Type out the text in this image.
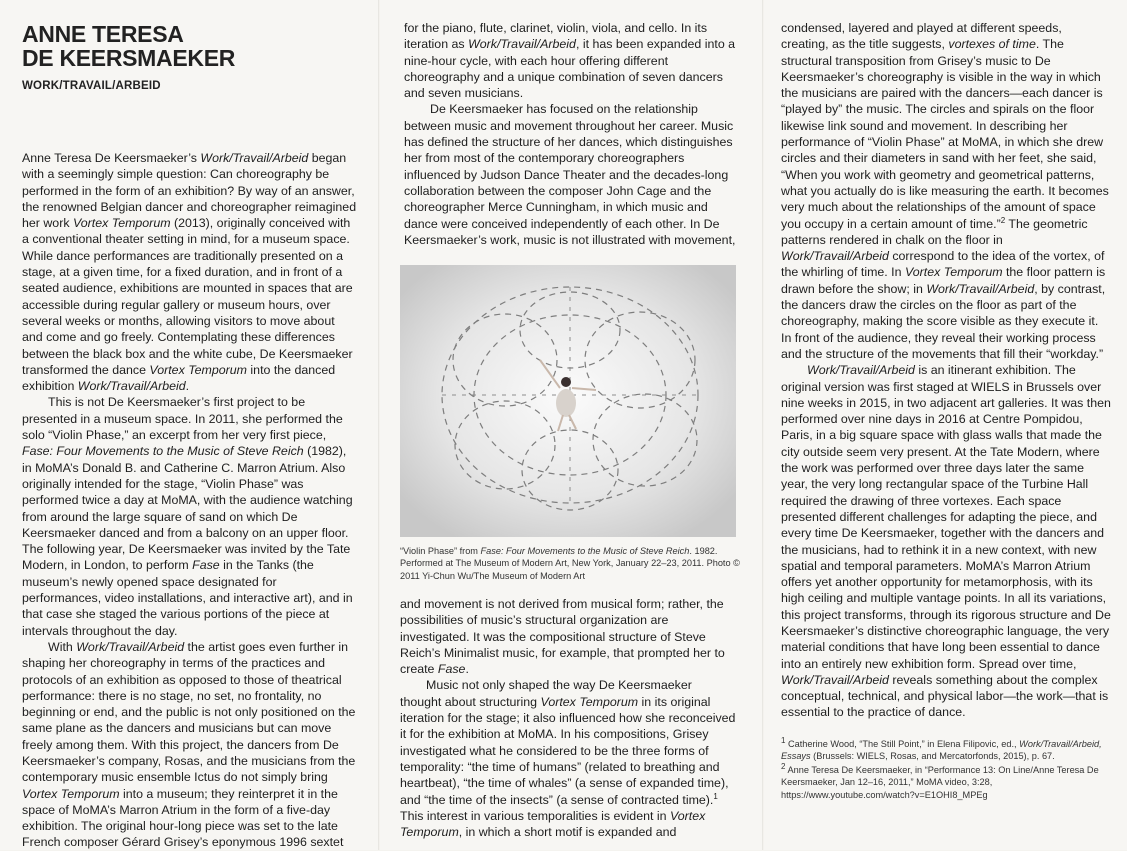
ANNE TERESA
DE KEERSMAEKER
WORK/TRAVAIL/ARBEID

Anne Teresa De Keersmaeker’s Work/Travail/Arbeid began with a seemingly simple question: Can choreography be performed in the form of an exhibition? By way of an answer, the renowned Belgian dancer and choreographer reimagined her work Vortex Temporum (2013), originally conceived with a conventional theater setting in mind, for a museum space. While dance performances are traditionally presented on a stage, at a given time, for a fixed duration, and in front of a seated audience, exhibitions are mounted in spaces that are accessible during regular gallery or museum hours, over several weeks or months, allowing visitors to move about and come and go freely. Contemplating these differences between the black box and the white cube, De Keersmaeker transformed the dance Vortex Temporum into the danced exhibition Work/Travail/Arbeid.

This is not De Keersmaeker’s first project to be presented in a museum space. In 2011, she performed the solo “Violin Phase,” an excerpt from her very first piece, Fase: Four Movements to the Music of Steve Reich (1982), in MoMA’s Donald B. and Catherine C. Marron Atrium. Also originally intended for the stage, “Violin Phase” was performed twice a day at MoMA, with the audience watching from around the large square of sand on which De Keersmaeker danced and from a balcony on an upper floor. The following year, De Keersmaeker was invited by the Tate Modern, in London, to perform Fase in the Tanks (the museum’s newly opened space designated for performances, video installations, and interactive art), and in that case she staged the various portions of the piece at intervals throughout the day.

With Work/Travail/Arbeid the artist goes even further in shaping her choreography in terms of the practices and protocols of an exhibition as opposed to those of theatrical performance: there is no stage, no set, no frontality, no beginning or end, and the public is not only positioned on the same plane as the dancers and musicians but can move freely among them. With this project, the dancers from De Keersmaeker’s company, Rosas, and the musicians from the contemporary music ensemble Ictus do not simply bring Vortex Temporum into a museum; they reinterpret it in the space of MoMA’s Marron Atrium in the form of a five-day exhibition. The original hour-long piece was set to the late French composer Gérard Grisey’s eponymous 1996 sextet

for the piano, flute, clarinet, violin, viola, and cello. In its iteration as Work/Travail/Arbeid, it has been expanded into a nine-hour cycle, with each hour offering different choreography and a unique combination of seven dancers and seven musicians.

De Keersmaeker has focused on the relationship between music and movement throughout her career. Music has defined the structure of her dances, which distinguishes her from most of the contemporary choreographers influenced by Judson Dance Theater and the decades-long collaboration between the composer John Cage and the choreographer Merce Cunningham, in which music and dance were conceived independently of each other. In De Keersmaeker’s work, music is not illustrated with movement,

“Violin Phase” from Fase: Four Movements to the Music of Steve Reich. 1982. Performed at The Museum of Modern Art, New York, January 22–23, 2011. Photo © 2011 Yi-Chun Wu/The Museum of Modern Art

and movement is not derived from musical form; rather, the possibilities of music’s structural organization are investigated. It was the compositional structure of Steve Reich’s Minimalist music, for example, that prompted her to create Fase.

Music not only shaped the way De Keersmaeker thought about structuring Vortex Temporum in its original iteration for the stage; it also influenced how she reconceived it for the exhibition at MoMA. In his compositions, Grisey investigated what he considered to be the three forms of temporality: “the time of humans” (related to breathing and heartbeat), “the time of whales” (a sense of expanded time), and “the time of the insects” (a sense of contracted time).$^1$ This interest in various temporalities is evident in Vortex Temporum, in which a short motif is expanded and

condensed, layered and played at different speeds, creating, as the title suggests, vortexes of time. The structural transposition from Grisey’s music to De Keersmaeker’s choreography is visible in the way in which the musicians are paired with the dancers—each dancer is “played by” the music. The circles and spirals on the floor likewise link sound and movement. In describing her performance of “Violin Phase” at MoMA, in which she drew circles and their diameters in sand with her feet, she said, “When you work with geometry and geometrical patterns, what you actually do is like measuring the earth. It becomes very much about the relationships of the amount of space you occupy in a certain amount of time.”$^2$ The geometric patterns rendered in chalk on the floor in Work/Travail/Arbeid correspond to the idea of the vortex, of the whirling of time. In Vortex Temporum the floor pattern is drawn before the show; in Work/Travail/Arbeid, by contrast, the dancers draw the circles on the floor as part of the choreography, making the score visible as they execute it. In front of the audience, they reveal their working process and the structure of the movements that fill their “workday.”

Work/Travail/Arbeid is an itinerant exhibition. The original version was first staged at WIELS in Brussels over nine weeks in 2015, in two adjacent art galleries. It was then performed over nine days in 2016 at Centre Pompidou, Paris, in a big square space with glass walls that made the city outside seem very present. At the Tate Modern, where the work was performed over three days later the same year, the very long rectangular space of the Turbine Hall required the drawing of three vortexes. Each space presented different challenges for adapting the piece, and every time De Keersmaeker, together with the dancers and the musicians, had to rethink it in a new context, with new spatial and temporal parameters. MoMA’s Marron Atrium offers yet another opportunity for metamorphosis, with its high ceiling and multiple vantage points. In all its variations, this project transforms, through its rigorous structure and De Keersmaeker’s distinctive choreographic language, the very material conditions that have long been essential to dance into an entirely new exhibition form. Spread over time, Work/Travail/Arbeid reveals something about the complex conceptual, technical, and physical labor—the work—that is essential to the practice of dance.

$^1$ Catherine Wood, “The Still Point,” in Elena Filipovic, ed., Work/Travail/Arbeid, Essays (Brussels: WIELS, Rosas, and Mercatorfonds, 2015), p. 67.

$^2$ Anne Teresa De Keersmaeker, in “Performance 13: On Line/Anne Teresa De Keersmaeker, Jan 12–16, 2011,” MoMA video, 3:28, https://www.youtube.com/watch?v=E1OHI8_MPEg
